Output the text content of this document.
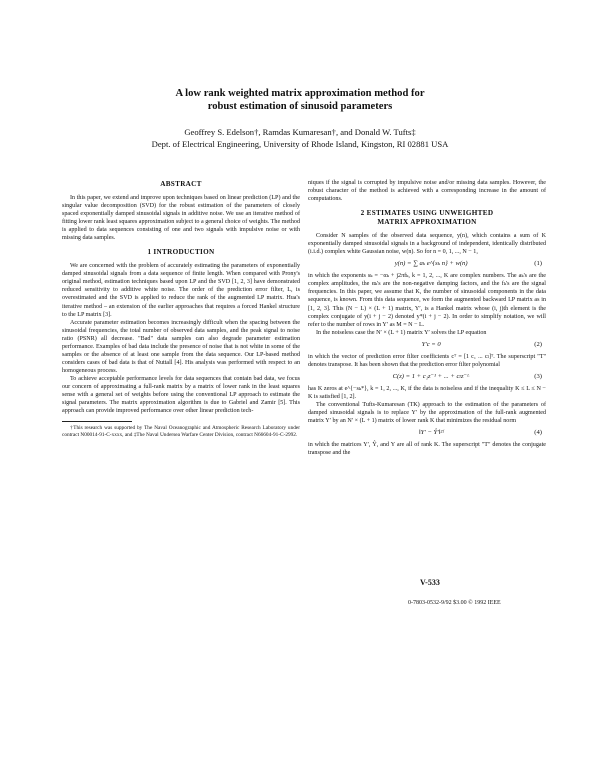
A low rank weighted matrix approximation method for
robust estimation of sinusoid parameters
Geoffrey S. Edelson†, Ramdas Kumaresan†, and Donald W. Tufts‡
Dept. of Electrical Engineering, University of Rhode Island, Kingston, RI 02881 USA
ABSTRACT

In this paper, we extend and improve upon techniques based on linear prediction (LP) and the singular value decomposition (SVD) for the robust estimation of the parameters of closely spaced exponentially damped sinusoidal signals in additive noise. We use an iterative method of fitting lower rank least squares approximation subject to a general choice of weights. The method is applied to data sequences consisting of one and two signals with impulsive noise or with missing data samples.

1 INTRODUCTION

We are concerned with the problem of accurately estimating the parameters of exponentially damped sinusoidal signals from a data sequence of finite length. When compared with Prony's original method, estimation techniques based upon LP and the SVD [1, 2, 3] have demonstrated reduced sensitivity to additive white noise. The order of the prediction error filter, L, is overestimated and the SVD is applied to reduce the rank of the augmented LP matrix. Hua's iterative method – an extension of the earlier approaches that requires a forced Hankel structure to the LP matrix [3].

Accurate parameter estimation becomes increasingly difficult when the spacing between the sinusoidal frequencies, the total number of observed data samples, and the peak signal to noise ratio (PSNR) all decrease. "Bad" data samples can also degrade parameter estimation performance. Examples of bad data include the presence of noise that is not white in some of the samples or the absence of at least one sample from the data sequence. Our LP-based method considers cases of bad data is that of Nuttall [4]. His analysis was performed with respect to an homogeneous process.

To achieve acceptable performance levels for data sequences that contain bad data, we focus our concern of approximating a full-rank matrix by a matrix of lower rank in the least squares sense with a general set of weights before using the conventional LP approach to estimate the signal parameters. The matrix approximation algorithm is due to Gabriel and Zamir [5]. This approach can provide improved performance over other linear prediction tech-

†This research was supported by The Naval Oceanographic and Atmospheric Research Laboratory under contract N00014-91-C-xxxx, and ‡The Naval Undersea Warfare Center Division, contract N66604-91-C-2992.

niques if the signal is corrupted by impulsive noise and/or missing data samples. However, the robust character of the method is achieved with a corresponding increase in the amount of computations.

2 ESTIMATES USING UNWEIGHTED
MATRIX APPROXIMATION

Consider N samples of the observed data sequence, y(n), which contains a sum of K exponentially damped sinusoidal signals in a background of independent, identically distributed (i.i.d.) complex white Gaussian noise, w(n). So for n = 0, 1, ..., N − 1,

y(n) = ∑ aₖ e^{sₖ n} + w(n)	(1)

in which the exponents sₖ = −αₖ + j2πfₖ, k = 1, 2, ..., K are complex numbers. The aₖ's are the complex amplitudes, the αₖ's are the non-negative damping factors, and the fₖ's are the signal frequencies. In this paper, we assume that K, the number of sinusoidal components in the data sequence, is known. From this data sequence, we form the augmented backward LP matrix as in [1, 2, 3]. This (N − L) × (L + 1) matrix, Y′, is a Hankel matrix whose (i, j)th element is the complex conjugate of y(i + j − 2) denoted y*(i + j − 2). In order to simplify notation, we will refer to the number of rows in Y′ as M = N − L.

In the noiseless case the N′ × (L + 1) matrix Y′ solves the LP equation

Y′c = 0	(2)

in which the vector of prediction error filter coefficients cᵀ = [1 c₁ ... cₗ]ᵀ. The superscript "T" denotes transpose. It has been shown that the prediction error filter polynomial

C(z) = 1 + c₁z⁻¹ + ... + cₗz⁻ᴸ	(3)

has K zeros at e^{−sₖ*}, k = 1, 2, ..., K, if the data is noiseless and if the inequality K ≤ L ≤ N − K is satisfied [1, 2].

The conventional Tufts-Kumaresan (TK) approach to the estimation of the parameters of damped sinusoidal signals is to replace Y′ by the approximation of the full-rank augmented matrix Y′ by an N′ × (L + 1) matrix of lower rank K that minimizes the residual norm

‖Y′ − Ŷ′‖²ᶠ	(4)

in which the matrices Y′, Ŷ, and Y are all of rank K. The superscript "T" denotes the conjugate transpose and the

V-533
0-7803-0532-9/92 $3.00 © 1992 IEEE
